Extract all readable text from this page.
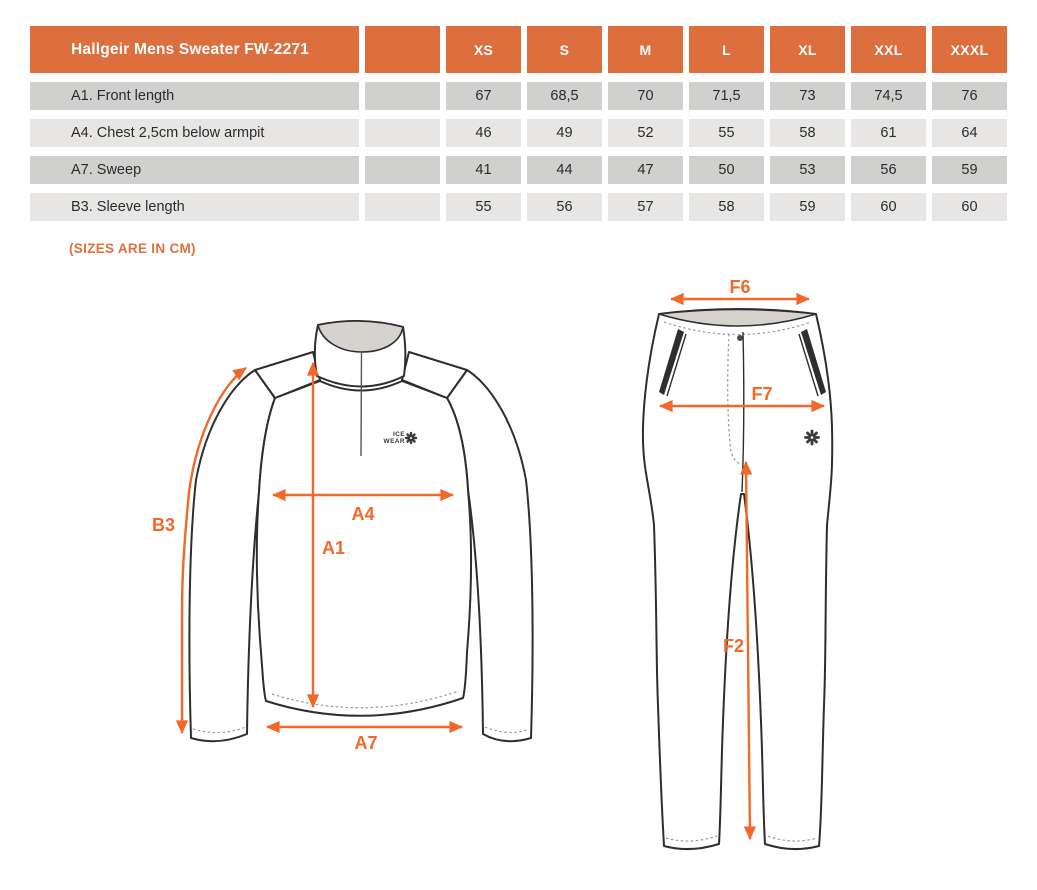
Hallgeir Mens Sweater FW-2271	XS	S	M	L	XL	XXL	XXXL
A1. Front length	67	68,5	70	71,5	73	74,5	76
A4. Chest 2,5cm below armpit	46	49	52	55	58	61	64
A7. Sweep	41	44	47	50	53	56	59
B3. Sleeve length	55	56	57	58	59	60	60
(SIZES ARE IN CM)
ICE
WEAR
B3
A1
A4
A7
F6
F7
F2
